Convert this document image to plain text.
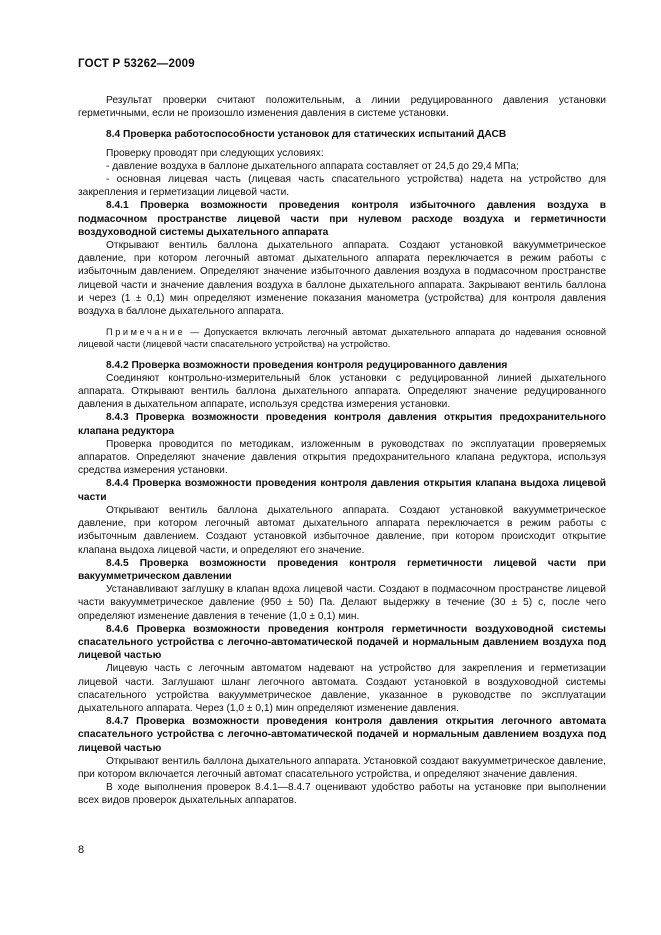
ГОСТ Р 53262—2009

Результат проверки считают положительным, а линии редуцированного давления установки герметичными, если не произошло изменения давления в системе установки.

8.4 Проверка работоспособности установок для статических испытаний ДАСВ

Проверку проводят при следующих условиях:

- давление воздуха в баллоне дыхательного аппарата составляет от 24,5 до 29,4 МПа;

- основная лицевая часть (лицевая часть спасательного устройства) надета на устройство для закрепления и герметизации лицевой части.

8.4.1 Проверка возможности проведения контроля избыточного давления воздуха в подмасочном пространстве лицевой части при нулевом расходе воздуха и герметичности воздуховодной системы дыхательного аппарата

Открывают вентиль баллона дыхательного аппарата. Создают установкой вакуумметрическое давление, при котором легочный автомат дыхательного аппарата переключается в режим работы с избыточным давлением. Определяют значение избыточного давления воздуха в подмасочном пространстве лицевой части и значение давления воздуха в баллоне дыхательного аппарата. Закрывают вентиль баллона и через (1 ± 0,1) мин определяют изменение показания манометра (устройства) для контроля давления воздуха в баллоне дыхательного аппарата.

Примечание — Допускается включать легочный автомат дыхательного аппарата до надевания основной лицевой части (лицевой части спасательного устройства) на устройство.

8.4.2 Проверка возможности проведения контроля редуцированного давления

Соединяют контрольно-измерительный блок установки с редуцированной линией дыхательного аппарата. Открывают вентиль баллона дыхательного аппарата. Определяют значение редуцированного давления в дыхательном аппарате, используя средства измерения установки.

8.4.3 Проверка возможности проведения контроля давления открытия предохранительного клапана редуктора

Проверка проводится по методикам, изложенным в руководствах по эксплуатации проверяемых аппаратов. Определяют значение давления открытия предохранительного клапана редуктора, используя средства измерения установки.

8.4.4 Проверка возможности проведения контроля давления открытия клапана выдоха лицевой части

Открывают вентиль баллона дыхательного аппарата. Создают установкой вакуумметрическое давление, при котором легочный автомат дыхательного аппарата переключается в режим работы с избыточным давлением. Создают установкой избыточное давление, при котором происходит открытие клапана выдоха лицевой части, и определяют его значение.

8.4.5 Проверка возможности проведения контроля герметичности лицевой части при вакуумметрическом давлении

Устанавливают заглушку в клапан вдоха лицевой части. Создают в подмасочном пространстве лицевой части вакуумметрическое давление (950 ± 50) Па. Делают выдержку в течение (30 ± 5) с, после чего определяют изменение давления в течение (1,0 ± 0,1) мин.

8.4.6 Проверка возможности проведения контроля герметичности воздуховодной системы спасательного устройства с легочно-автоматической подачей и нормальным давлением воздуха под лицевой частью

Лицевую часть с легочным автоматом надевают на устройство для закрепления и герметизации лицевой части. Заглушают шланг легочного автомата. Создают установкой в воздуховодной системы спасательного устройства вакуумметрическое давление, указанное в руководстве по эксплуатации дыхательного аппарата. Через (1,0 ± 0,1) мин определяют изменение давления.

8.4.7 Проверка возможности проведения контроля давления открытия легочного автомата спасательного устройства с легочно-автоматической подачей и нормальным давлением воздуха под лицевой частью

Открывают вентиль баллона дыхательного аппарата. Установкой создают вакуумметрическое давление, при котором включается легочный автомат спасательного устройства, и определяют значение давления.

В ходе выполнения проверок 8.4.1—8.4.7 оценивают удобство работы на установке при выполнении всех видов проверок дыхательных аппаратов.

8
